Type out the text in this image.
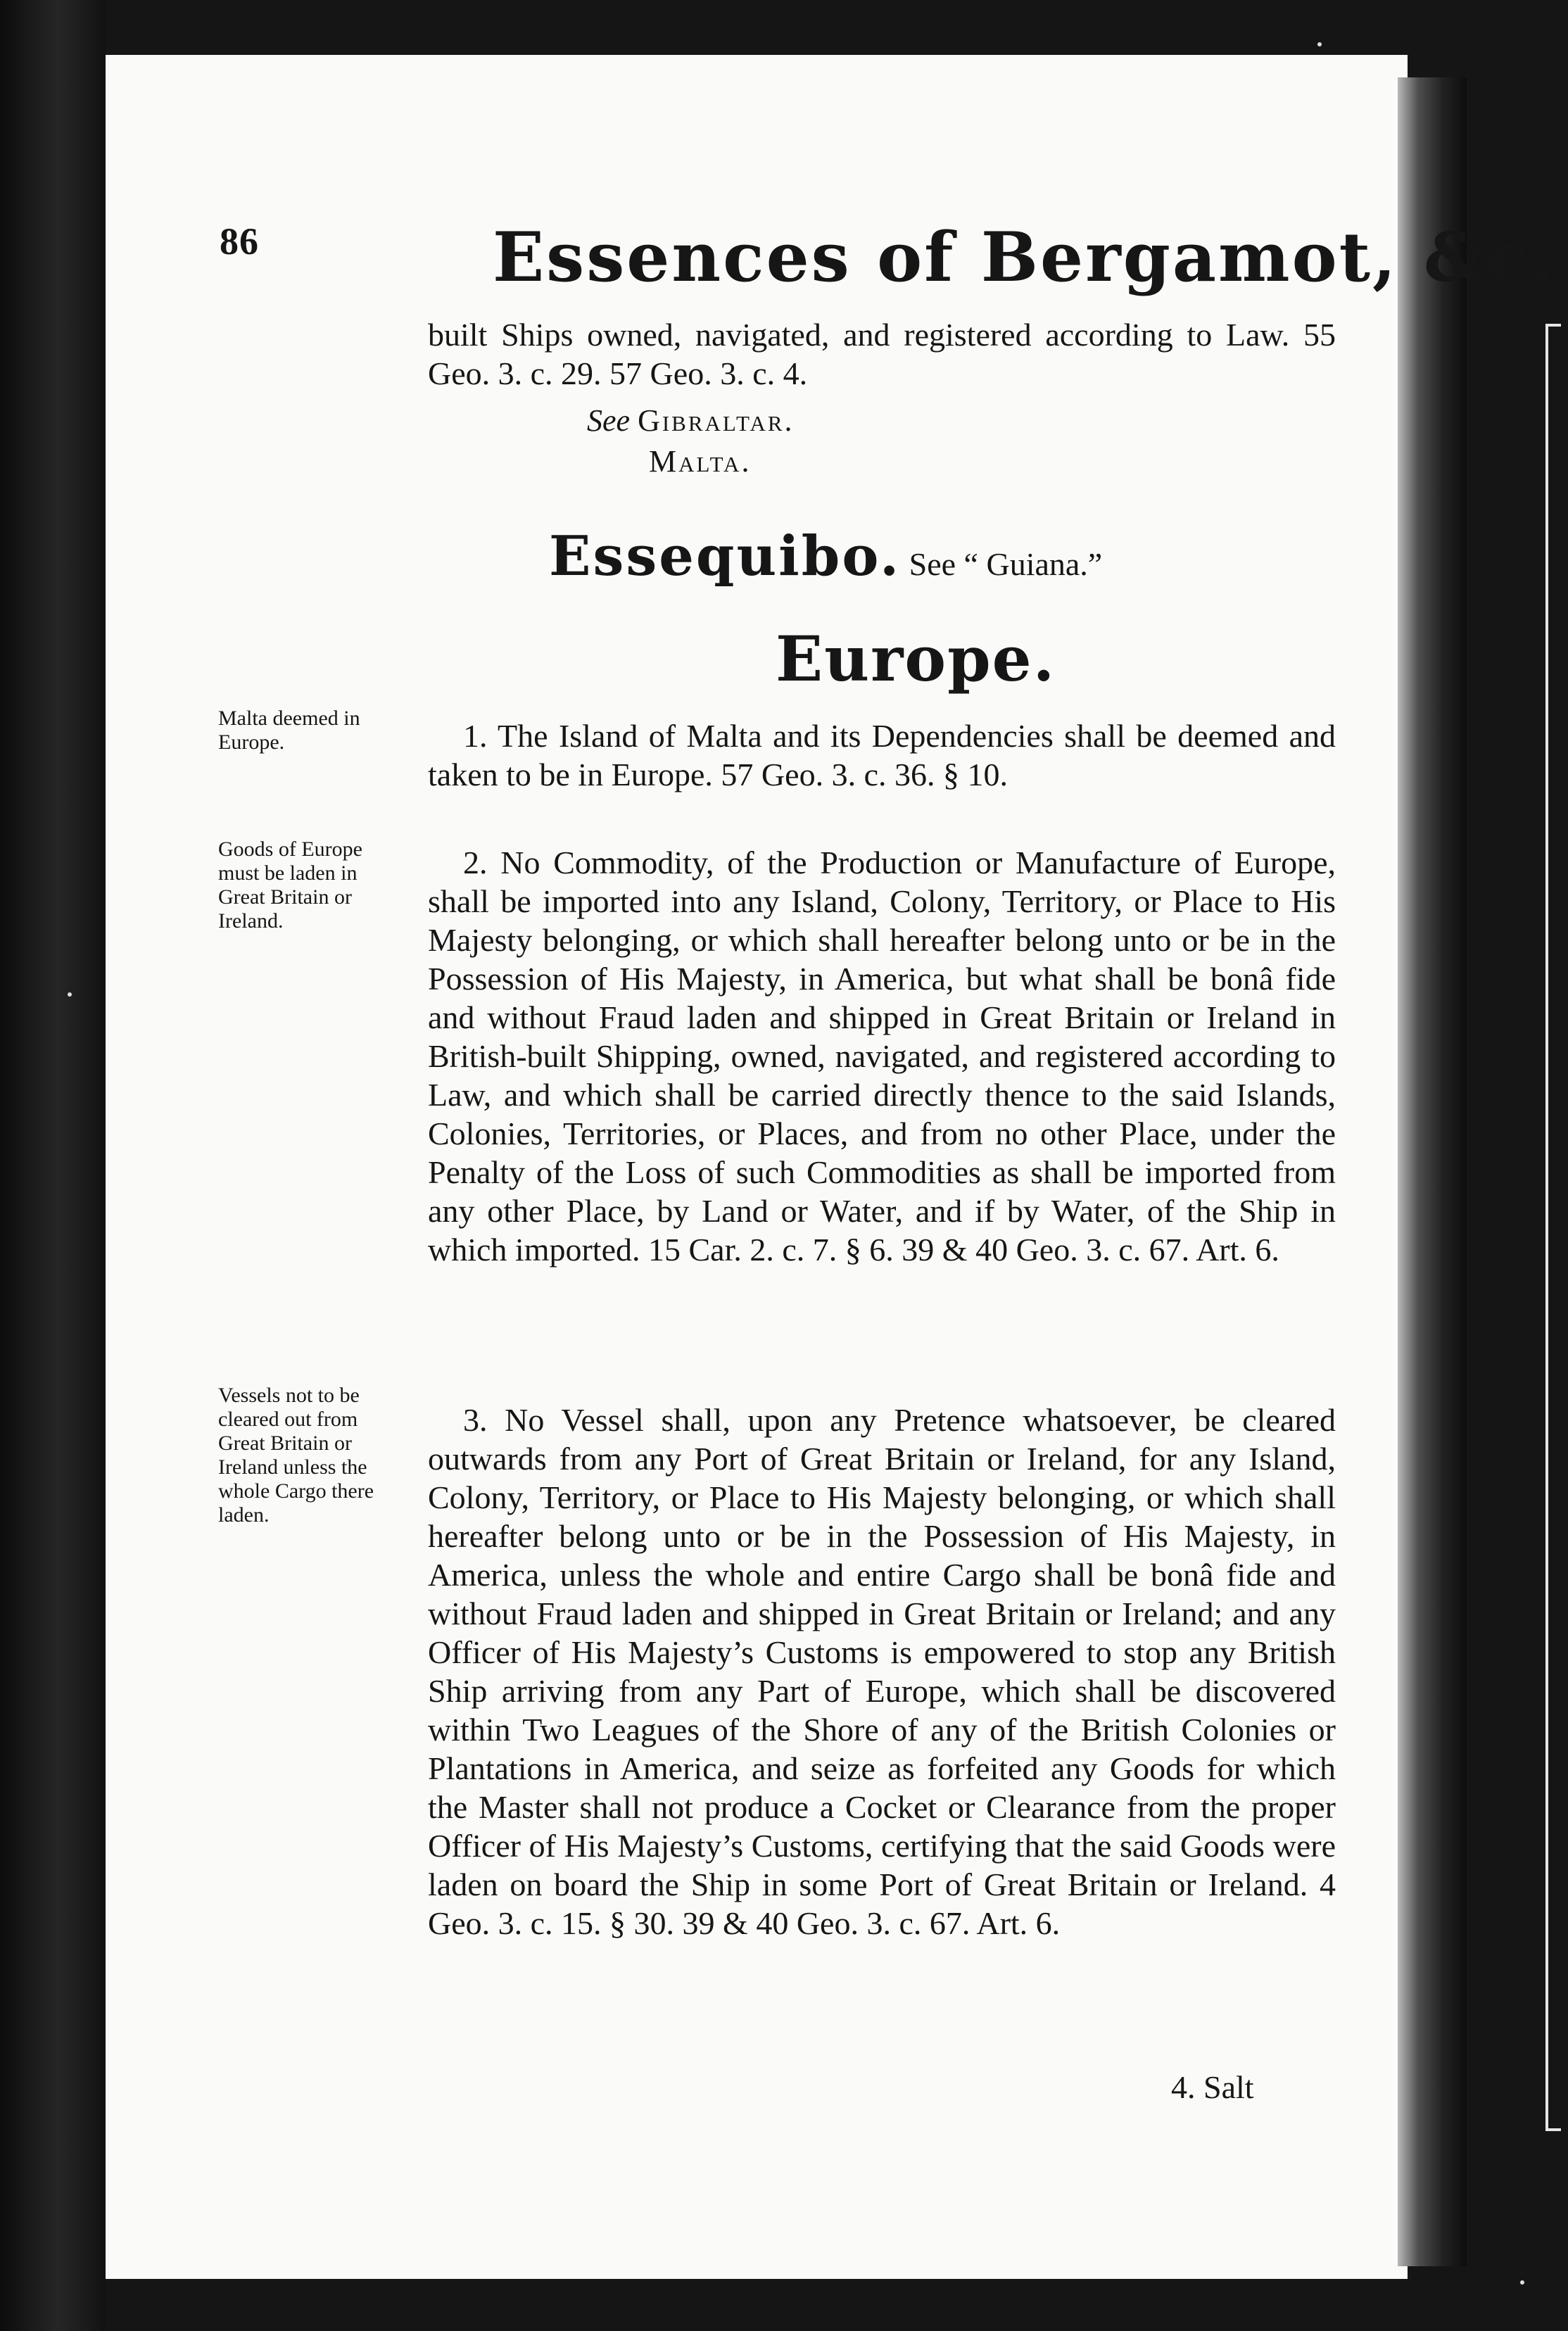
86	Essences of Bergamot, &c.

built Ships owned, navigated, and registered according to Law. 55 Geo. 3. c. 29. 57 Geo. 3. c. 4.

See Gibraltar.
Malta.
Essequibo. See “ Guiana.”
Europe.
Malta deemed in Europe.	1. The Island of Malta and its Dependencies shall be deemed and taken to be in Europe. 57 Geo. 3. c. 36. § 10.

Goods of Europe must be laden in Great Britain or Ireland.

2. No Commodity, of the Production or Manufacture of Europe, shall be imported into any Island, Colony, Territory, or Place to His Majesty belonging, or which shall hereafter belong unto or be in the Possession of His Majesty, in America, but what shall be bonâ fide and without Fraud laden and shipped in Great Britain or Ireland in British-built Shipping, owned, navigated, and registered according to Law, and which shall be carried directly thence to the said Islands, Colonies, Territories, or Places, and from no other Place, under the Penalty of the Loss of such Commodities as shall be imported from any other Place, by Land or Water, and if by Water, of the Ship in which imported. 15 Car. 2. c. 7. § 6. 39 & 40 Geo. 3. c. 67. Art. 6.

Vessels not to be cleared out from Great Britain or Ireland unless the whole Cargo there laden.

3. No Vessel shall, upon any Pretence whatsoever, be cleared outwards from any Port of Great Britain or Ireland, for any Island, Colony, Territory, or Place to His Majesty belonging, or which shall hereafter belong unto or be in the Possession of His Majesty, in America, unless the whole and entire Cargo shall be bonâ fide and without Fraud laden and shipped in Great Britain or Ireland; and any Officer of His Majesty’s Customs is empowered to stop any British Ship arriving from any Part of Europe, which shall be discovered within Two Leagues of the Shore of any of the British Colonies or Plantations in America, and seize as forfeited any Goods for which the Master shall not produce a Cocket or Clearance from the proper Officer of His Majesty’s Customs, certifying that the said Goods were laden on board the Ship in some Port of Great Britain or Ireland. 4 Geo. 3. c. 15. § 30. 39 & 40 Geo. 3. c. 67. Art. 6.

4. Salt
